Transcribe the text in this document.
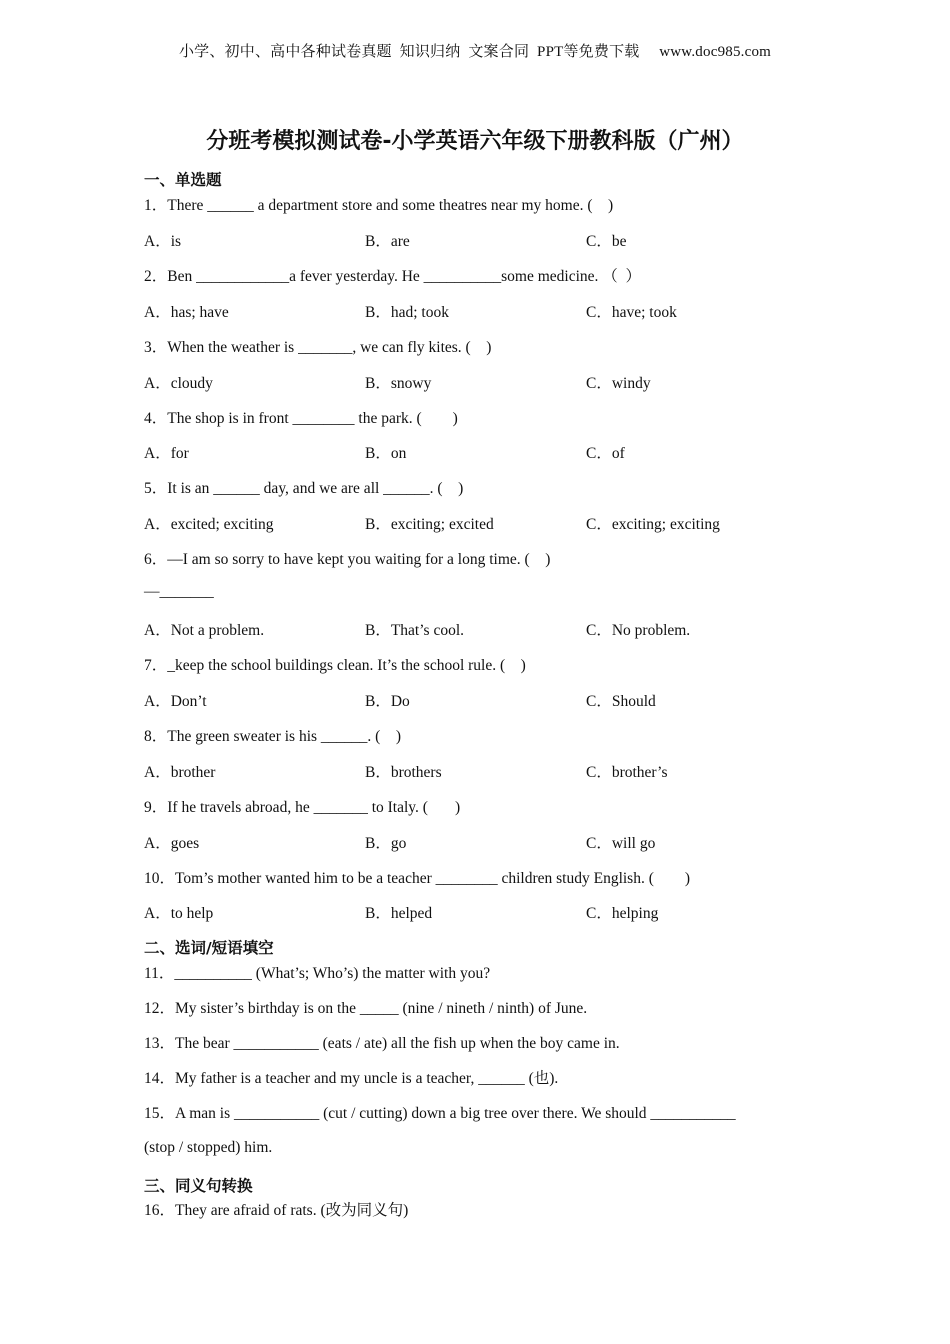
小学、初中、高中各种试卷真题  知识归纳  文案合同  PPT等免费下载     www.doc985.com
分班考模拟测试卷-小学英语六年级下册教科版（广州）
一、单选题
1．There ______ a department store and some theatres near my home. (    )
A．is	B．are	C．be
2．Ben ____________a fever yesterday. He __________some medicine. （  ）
A．has; have	B．had; took	C．have; took
3．When the weather is _______, we can fly kites. (    )
A．cloudy	B．snowy	C．windy
4．The shop is in front ________ the park. (        )
A．for	B．on	C．of
5．It is an ______ day, and we are all ______. (    )
A．excited; exciting	B．exciting; excited	C．exciting; exciting
6．—I am so sorry to have kept you waiting for a long time. (    )
—_______
A．Not a problem.	B．That’s cool.	C．No problem.
7．_keep the school buildings clean. It’s the school rule. (    )
A．Don’t	B．Do	C．Should
8．The green sweater is his ______. (    )
A．brother	B．brothers	C．brother’s
9．If he travels abroad, he _______ to Italy. (       )
A．goes	B．go	C．will go
10．Tom’s mother wanted him to be a teacher ________ children study English. (        )
A．to help	B．helped	C．helping
二、选词/短语填空
11．__________ (What’s; Who’s) the matter with you?
12．My sister’s birthday is on the _____ (nine / nineth / ninth) of June.
13．The bear ___________ (eats / ate) all the fish up when the boy came in.
14．My father is a teacher and my uncle is a teacher, ______ (也).
15．A man is ___________ (cut / cutting) down a big tree over there. We should ___________
(stop / stopped) him.
三、同义句转换
16．They are afraid of rats. (改为同义句)
